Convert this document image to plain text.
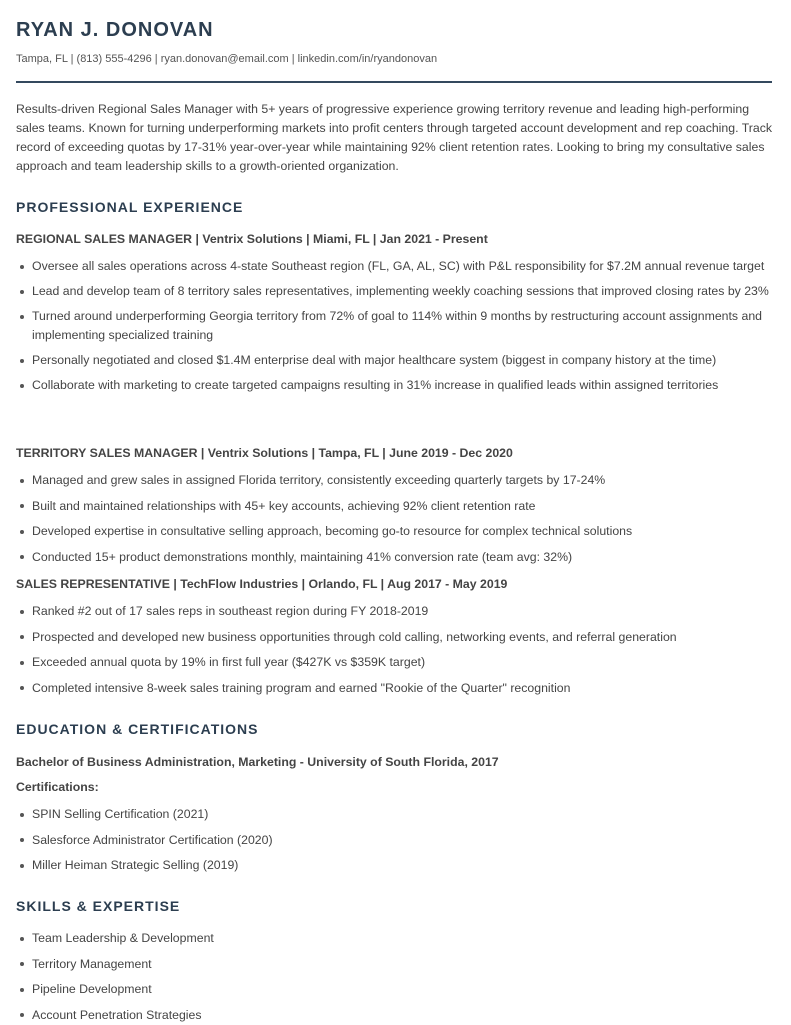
RYAN J. DONOVAN
Tampa, FL | (813) 555-4296 | ryan.donovan@email.com | linkedin.com/in/ryandonovan

Results-driven Regional Sales Manager with 5+ years of progressive experience growing territory revenue and leading high-performing sales teams. Known for turning underperforming markets into profit centers through targeted account development and rep coaching. Track record of exceeding quotas by 17-31% year-over-year while maintaining 92% client retention rates. Looking to bring my consultative sales approach and team leadership skills to a growth-oriented organization.

PROFESSIONAL EXPERIENCE
REGIONAL SALES MANAGER | Ventrix Solutions | Miami, FL | Jan 2021 - Present
Oversee all sales operations across 4-state Southeast region (FL, GA, AL, SC) with P&L responsibility for $7.2M annual revenue target
Lead and develop team of 8 territory sales representatives, implementing weekly coaching sessions that improved closing rates by 23%
Turned around underperforming Georgia territory from 72% of goal to 114% within 9 months by restructuring account assignments and implementing specialized training
Personally negotiated and closed $1.4M enterprise deal with major healthcare system (biggest in company history at the time)
Collaborate with marketing to create targeted campaigns resulting in 31% increase in qualified leads within assigned territories
TERRITORY SALES MANAGER | Ventrix Solutions | Tampa, FL | June 2019 - Dec 2020
Managed and grew sales in assigned Florida territory, consistently exceeding quarterly targets by 17-24%
Built and maintained relationships with 45+ key accounts, achieving 92% client retention rate
Developed expertise in consultative selling approach, becoming go-to resource for complex technical solutions
Conducted 15+ product demonstrations monthly, maintaining 41% conversion rate (team avg: 32%)
SALES REPRESENTATIVE | TechFlow Industries | Orlando, FL | Aug 2017 - May 2019
Ranked #2 out of 17 sales reps in southeast region during FY 2018-2019
Prospected and developed new business opportunities through cold calling, networking events, and referral generation
Exceeded annual quota by 19% in first full year ($427K vs $359K target)
Completed intensive 8-week sales training program and earned "Rookie of the Quarter" recognition
EDUCATION & CERTIFICATIONS
Bachelor of Business Administration, Marketing - University of South Florida, 2017
Certifications:
SPIN Selling Certification (2021)
Salesforce Administrator Certification (2020)
Miller Heiman Strategic Selling (2019)
SKILLS & EXPERTISE
Team Leadership & Development
Territory Management
Pipeline Development
Account Penetration Strategies
